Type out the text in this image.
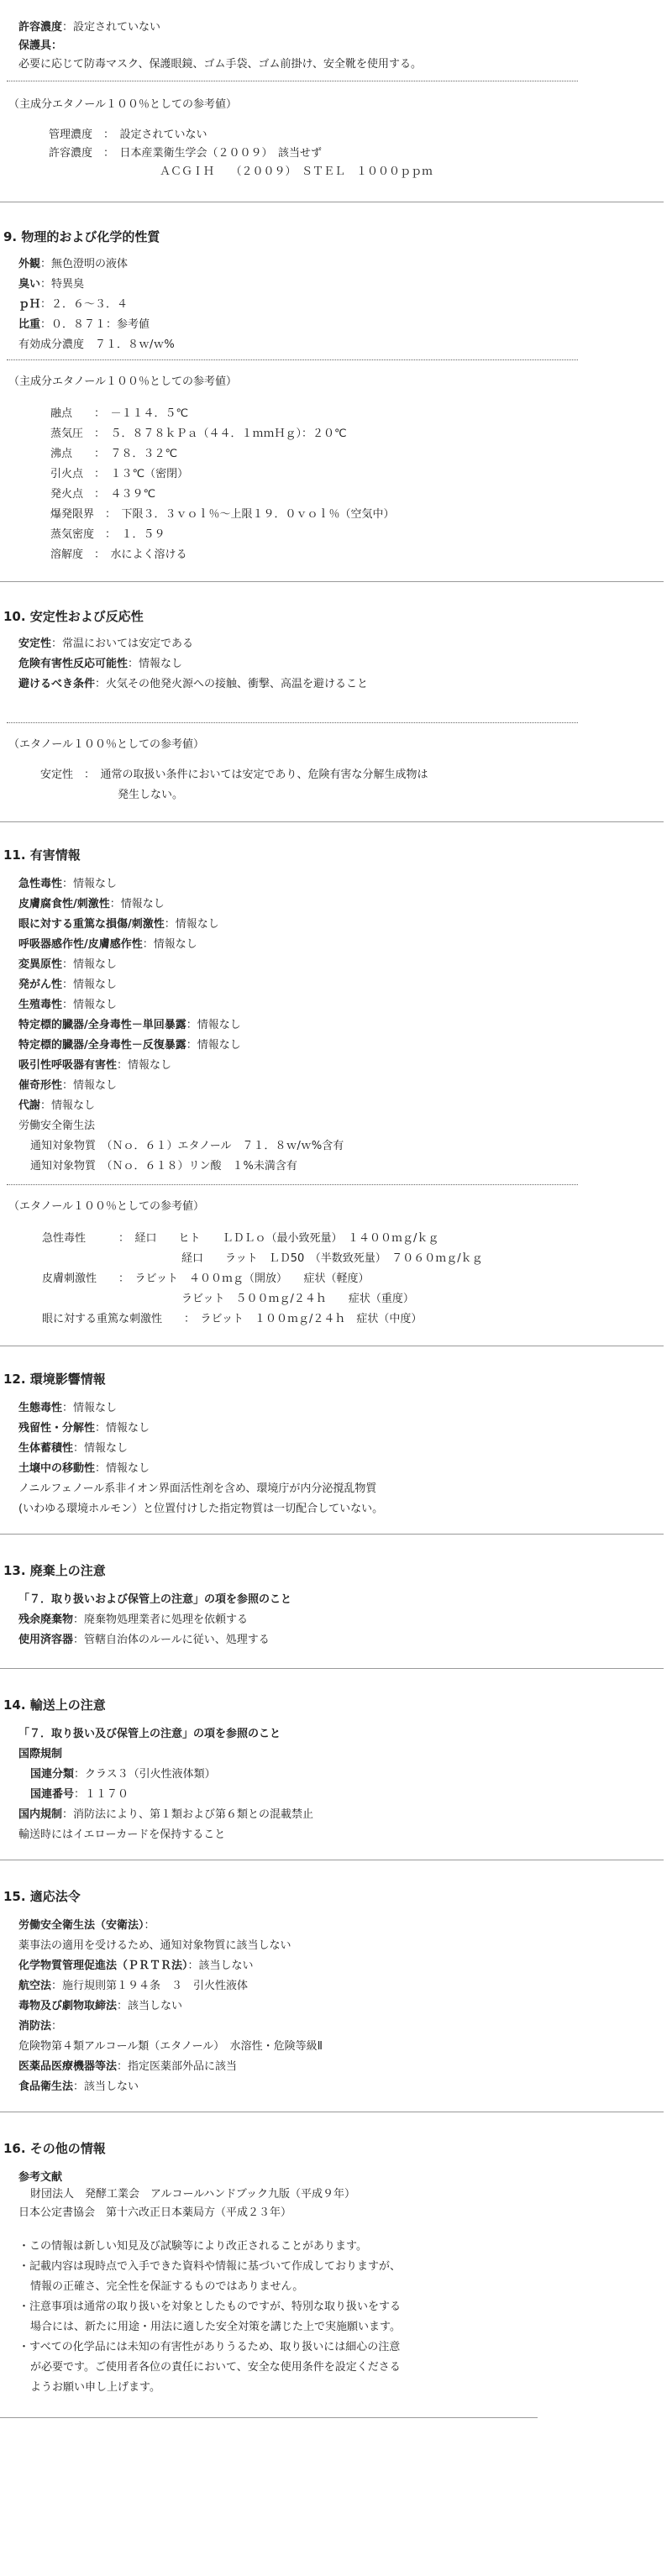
許容濃度：設定されていない
保護具：
必要に応じて防毒マスク、保護眼鏡、ゴム手袋、ゴム前掛け、安全靴を使用する。
（主成分エタノール１００％としての参考値）
管理濃度　：　設定されていない
許容濃度　：　日本産業衛生学会（２００９）　該当せず
ＡＣＧＩＨ　　（２００９）　ＳＴＥＬ　１０００ｐｐｍ
9. 物理的および化学的性質
外観：無色澄明の液体
臭い：特異臭
ｐＨ：２．６～３．４
比重：０．８７１：参考値
有効成分濃度　７１．８ｗ/ｗ%
（主成分エタノール１００％としての参考値）
融点　　：　－１１４．５℃
蒸気圧　：　５．８７８ｋＰａ（４４．１ｍｍＨｇ）：２０℃
沸点　　：　７８．３２℃
引火点　：　１３℃（密閉）
発火点　：　４３９℃
爆発限界　：　下限３．３ｖｏｌ％～上限１９．０ｖｏｌ％（空気中）
蒸気密度　：　１．５９
溶解度　：　水によく溶ける
10. 安定性および反応性
安定性：常温においては安定である
危険有害性反応可能性：情報なし
避けるべき条件：火気その他発火源への接触、衝撃、高温を避けること
（エタノール１００％としての参考値）
安定性　：　通常の取扱い条件においては安定であり、危険有害な分解生成物は
発生しない。
11. 有害情報
急性毒性：情報なし
皮膚腐食性/刺激性：情報なし
眼に対する重篤な損傷/刺激性：情報なし
呼吸器感作性/皮膚感作性：情報なし
変異原性：情報なし
発がん性：情報なし
生殖毒性：情報なし
特定標的臓器/全身毒性－単回暴露：情報なし
特定標的臓器/全身毒性－反復暴露：情報なし
吸引性呼吸器有害性：情報なし
催奇形性：情報なし
代謝：情報なし
労働安全衛生法
通知対象物質　（Ｎｏ．６１）エタノール　７１．８ｗ/ｗ%含有
通知対象物質　（Ｎｏ．６１８）リン酸　１%未満含有
（エタノール１００％としての参考値）
急性毒性　　　：　経口　　ヒト　　ＬＤＬｏ（最小致死量）　１４００ｍｇ/ｋｇ
経口　　ラット　ＬＤ50　（半数致死量）　７０６０ｍｇ/ｋｇ
皮膚刺激性　　：　ラビット　４００ｍｇ（開放）　　症状（軽度）
ラビット　５００ｍｇ/２４ｈ　　症状（重度）
眼に対する重篤な刺激性　　：　ラビット　１００ｍｇ/２４ｈ　症状（中度）
12. 環境影響情報
生態毒性：情報なし
残留性・分解性：情報なし
生体蓄積性：情報なし
土壌中の移動性：情報なし
ノニルフェノール系非イオン界面活性剤を含め、環境庁が内分泌撹乱物質
(いわゆる環境ホルモン）と位置付けした指定物質は一切配合していない。
13. 廃棄上の注意
「７．取り扱いおよび保管上の注意」の項を参照のこと
残余廃棄物：廃棄物処理業者に処理を依頼する
使用済容器：管轄自治体のルールに従い、処理する
14. 輸送上の注意
「７．取り扱い及び保管上の注意」の項を参照のこと
国際規制
国連分類：クラス３（引火性液体類）
国連番号：１１７０
国内規制：消防法により、第１類および第６類との混載禁止
輸送時にはイエローカードを保持すること
15. 適応法令
労働安全衛生法（安衛法）：
薬事法の適用を受けるため、通知対象物質に該当しない
化学物質管理促進法（ＰＲＴＲ法）：該当しない
航空法：施行規則第１９４条　３　引火性液体
毒物及び劇物取締法：該当しない
消防法：
危険物第４類アルコール類（エタノール）　水溶性・危険等級Ⅱ
医薬品医療機器等法：指定医薬部外品に該当
食品衛生法：該当しない
16. その他の情報
参考文献
財団法人　発酵工業会　アルコールハンドブック九版（平成９年）
日本公定書協会　第十六改正日本薬局方（平成２３年）
・この情報は新しい知見及び試験等により改正されることがあります。
・記載内容は現時点で入手できた資料や情報に基づいて作成しておりますが、
情報の正確さ、完全性を保証するものではありません。
・注意事項は通常の取り扱いを対象としたものですが、特別な取り扱いをする
場合には、新たに用途・用法に適した安全対策を講じた上で実施願います。
・すべての化学品には未知の有害性がありうるため、取り扱いには細心の注意
が必要です。ご使用者各位の責任において、安全な使用条件を設定くださる
ようお願い申し上げます。
